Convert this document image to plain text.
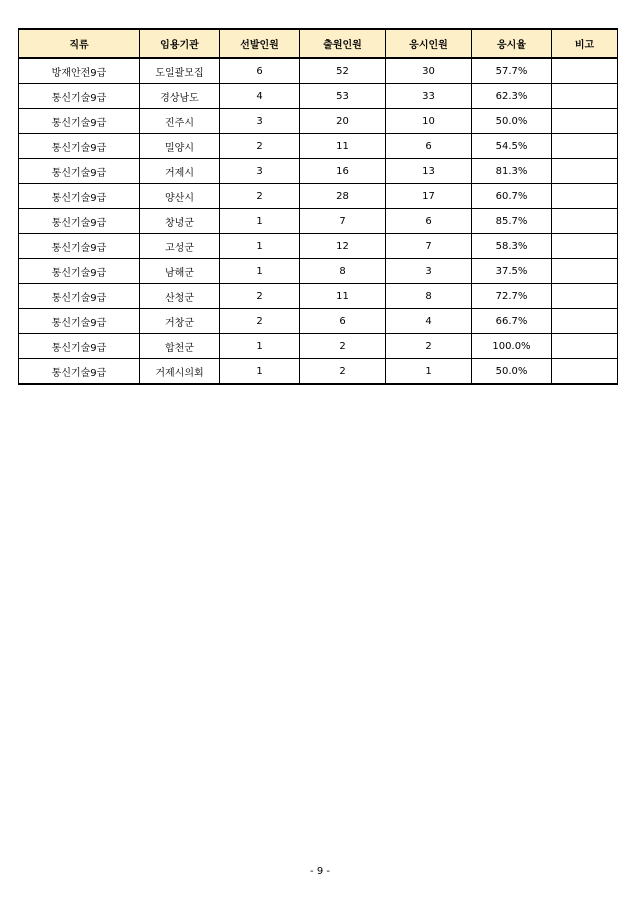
직류	임용기관	선발인원	출원인원	응시인원	응시율	비고
방재안전9급	도일괄모집	6	52	30	57.7%	
통신기술9급	경상남도	4	53	33	62.3%	
통신기술9급	진주시	3	20	10	50.0%	
통신기술9급	밀양시	2	11	6	54.5%	
통신기술9급	거제시	3	16	13	81.3%	
통신기술9급	양산시	2	28	17	60.7%	
통신기술9급	창녕군	1	7	6	85.7%	
통신기술9급	고성군	1	12	7	58.3%	
통신기술9급	남해군	1	8	3	37.5%	
통신기술9급	산청군	2	11	8	72.7%	
통신기술9급	거창군	2	6	4	66.7%	
통신기술9급	합천군	1	2	2	100.0%	
통신기술9급	거제시의회	1	2	1	50.0%	
- 9 -
